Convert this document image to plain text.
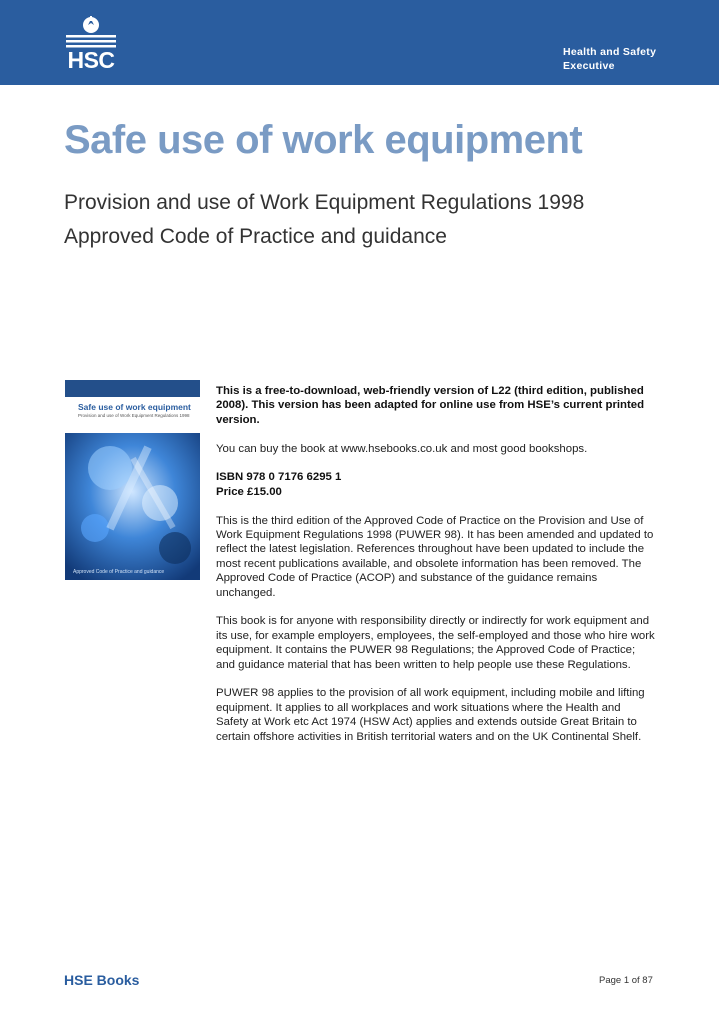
HSC	Health and Safety
Executive
Safe use of work equipment
Provision and use of Work Equipment Regulations 1998
Approved Code of Practice and guidance
Safe use of work equipment
Provision and use of Work Equipment Regulations 1998
Approved Code of Practice and guidance

This is a free-to-download, web-friendly version of L22 (third edition, published 2008). This version has been adapted for online use from HSE’s current printed version.

You can buy the book at www.hsebooks.co.uk and most good bookshops.

ISBN 978 0 7176 6295 1
Price £15.00

This is the third edition of the Approved Code of Practice on the Provision and Use of Work Equipment Regulations 1998 (PUWER 98). It has been amended and updated to reflect the latest legislation. References throughout have been updated to include the most recent publications available, and obsolete information has been removed. The Approved Code of Practice (ACOP) and substance of the guidance remains unchanged.

This book is for anyone with responsibility directly or indirectly for work equipment and its use, for example employers, employees, the self-employed and those who hire work equipment. It contains the PUWER 98 Regulations; the Approved Code of Practice; and guidance material that has been written to help people use these Regulations.

PUWER 98 applies to the provision of all work equipment, including mobile and lifting equipment. It applies to all workplaces and work situations where the Health and Safety at Work etc Act 1974 (HSW Act) applies and extends outside Great Britain to certain offshore activities in British territorial waters and on the UK Continental Shelf.

HSE Books	Page 1 of 87
